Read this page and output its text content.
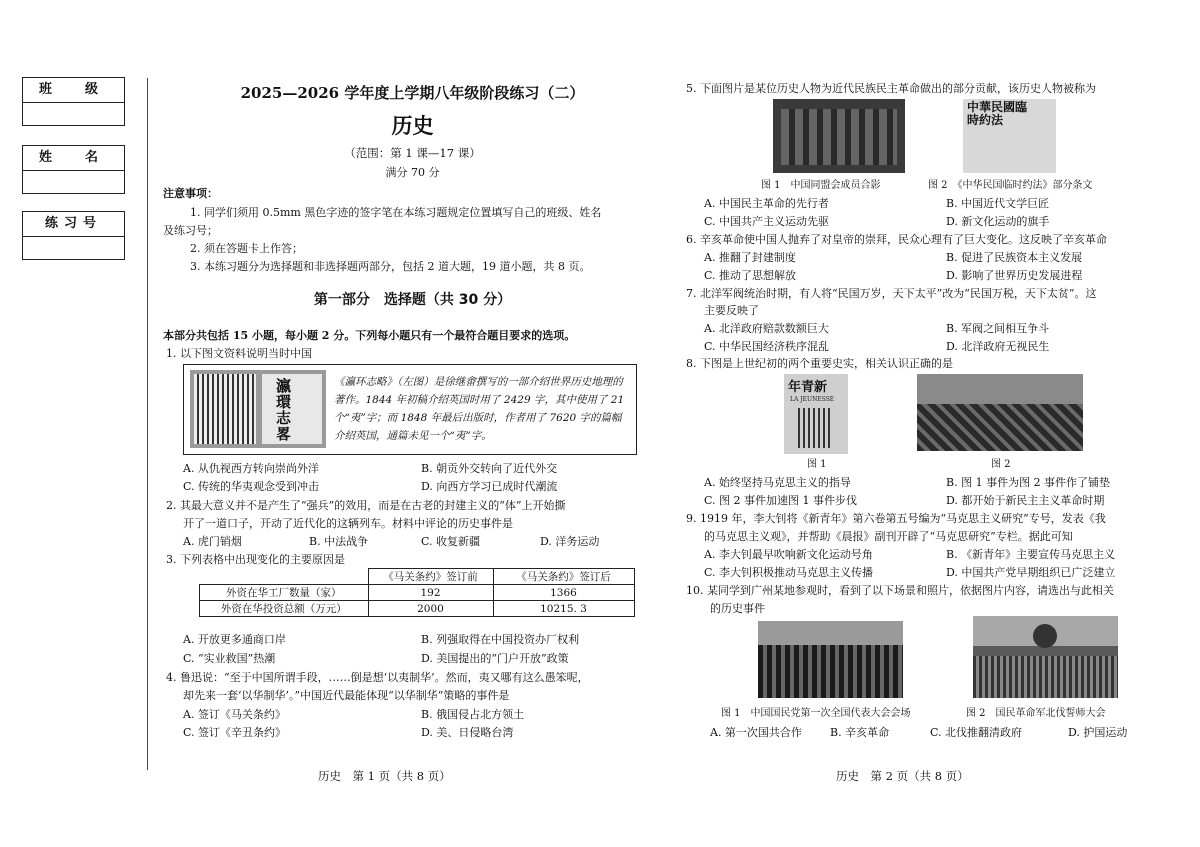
班　级
姓　名
练习号
2025—2026 学年度上学期八年级阶段练习（二）
历史
（范围：第 1 课—17 课）
满分 70 分
注意事项：
1. 同学们须用 0.5mm 黑色字迹的签字笔在本练习题规定位置填写自己的班级、姓名
及练习号；
2. 须在答题卡上作答；
3. 本练习题分为选择题和非选择题两部分，包括 2 道大题，19 道小题，共 8 页。
第一部分　选择题（共 30 分）
本部分共包括 15 小题，每小题 2 分。下列每小题只有一个最符合题目要求的选项。
1. 以下图文资料说明当时中国
瀛環志畧
《瀛环志略》（左图）是徐继畬撰写的一部介绍世界历史地理的著作。1844 年初稿介绍英国时用了 2429 字，其中使用了 21 个“夷”字；而 1848 年最后出版时，作者用了 7620 字的篇幅介绍英国，通篇未见一个“夷”字。
A. 从仇视西方转向崇尚外洋	B. 朝贡外交转向了近代外交
C. 传统的华夷观念受到冲击	D. 向西方学习已成时代潮流
2. 其最大意义并不是产生了“强兵”的效用，而是在古老的封建主义的“体”上开始撕
开了一道口子，开动了近代化的这辆列车。材料中评论的历史事件是
A. 虎门销烟	B. 中法战争	C. 收复新疆	D. 洋务运动
3. 下列表格中出现变化的主要原因是
	《马关条约》签订前	《马关条约》签订后
外资在华工厂数量（家）	192	1366
外资在华投资总额（万元）	2000	10215. 3
A. 开放更多通商口岸	B. 列强取得在中国投资办厂权利
C. “实业救国”热潮	D. 美国提出的“门户开放”政策
4. 鲁迅说：“至于中国所谓手段，……倒是想‘以夷制华’。然而，夷又哪有这么愚笨呢，
却先来一套‘以华制华’。”中国近代最能体现“以华制华”策略的事件是
A. 签订《马关条约》	B. 俄国侵占北方领土
C. 签订《辛丑条约》	D. 美、日侵略台湾
历史　第 1 页（共 8 页）
5. 下面图片是某位历史人物为近代民族民主革命做出的部分贡献，该历史人物被称为
中華民國臨時約法
图 1　中国同盟会成员合影	图 2　《中华民国临时约法》部分条文
A. 中国民主革命的先行者	B. 中国近代文学巨匠
C. 中国共产主义运动先驱	D. 新文化运动的旗手
6. 辛亥革命使中国人抛弃了对皇帝的崇拜，民众心理有了巨大变化。这反映了辛亥革命
A. 推翻了封建制度	B. 促进了民族资本主义发展
C. 推动了思想解放	D. 影响了世界历史发展进程
7. 北洋军阀统治时期，有人将“民国万岁，天下太平”改为“民国万税，天下太贫”。这
主要反映了
A. 北洋政府赔款数额巨大	B. 军阀之间相互争斗
C. 中华民国经济秩序混乱	D. 北洋政府无视民生
8. 下图是上世纪初的两个重要史实，相关认识正确的是
年青新
LA JEUNESSE
图 1	图 2
A. 始终坚持马克思主义的指导	B. 图 1 事件为图 2 事件作了铺垫
C. 图 2 事件加速图 1 事件步伐	D. 都开始于新民主主义革命时期
9. 1919 年，李大钊将《新青年》第六卷第五号编为“马克思主义研究”专号，发表《我
的马克思主义观》，并帮助《晨报》副刊开辟了“马克思研究”专栏。据此可知
A. 李大钊最早吹响新文化运动号角	B. 《新青年》主要宣传马克思主义
C. 李大钊积极推动马克思主义传播	D. 中国共产党早期组织已广泛建立
10. 某同学到广州某地参观时，看到了以下场景和照片，依据图片内容，请选出与此相关
的历史事件
图 1　中国国民党第一次全国代表大会会场	图 2　国民革命军北伐誓师大会
A. 第一次国共合作	B. 辛亥革命	C. 北伐推翻清政府	D. 护国运动
历史　第 2 页（共 8 页）
